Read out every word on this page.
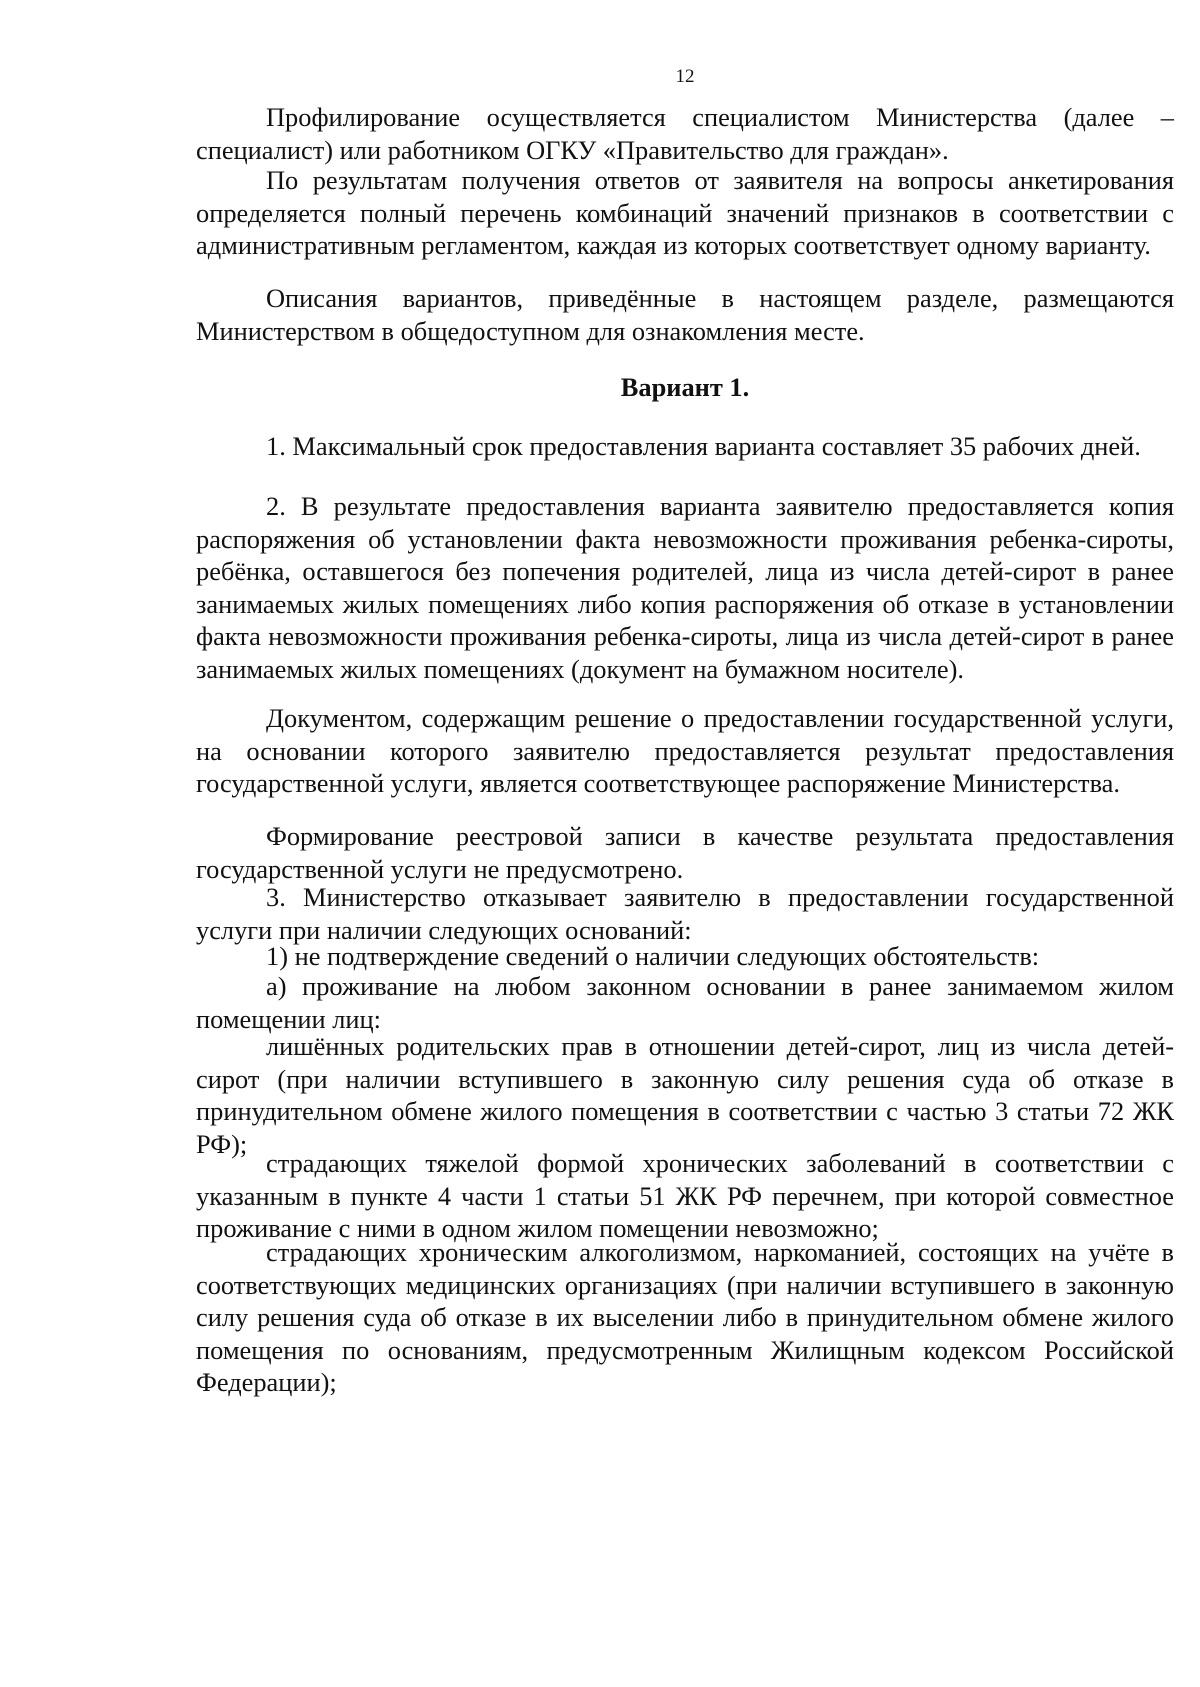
12

Профилирование осуществляется специалистом Министерства (далее – специалист) или работником ОГКУ «Правительство для граждан».

По результатам получения ответов от заявителя на вопросы анкетирования определяется полный перечень комбинаций значений признаков в соответствии с административным регламентом, каждая из которых соответствует одному варианту.

Описания вариантов, приведённые в настоящем разделе, размещаются Министерством в общедоступном для ознакомления месте.

Вариант 1.

1. Максимальный срок предоставления варианта составляет 35 рабочих дней.

2. В результате предоставления варианта заявителю предоставляется копия распоряжения об установлении факта невозможности проживания ребенка-сироты, ребёнка, оставшегося без попечения родителей, лица из числа детей-сирот в ранее занимаемых жилых помещениях либо копия распоряжения об отказе в установлении факта невозможности проживания ребенка-сироты, лица из числа детей-сирот в ранее занимаемых жилых помещениях (документ на бумажном носителе).

Документом, содержащим решение о предоставлении государственной услуги, на основании которого заявителю предоставляется результат предоставления государственной услуги, является соответствующее распоряжение Министерства.

Формирование реестровой записи в качестве результата предоставления государственной услуги не предусмотрено.

3. Министерство отказывает заявителю в предоставлении государственной услуги при наличии следующих оснований:

1) не подтверждение сведений о наличии следующих обстоятельств:

а) проживание на любом законном основании в ранее занимаемом жилом помещении лиц:

лишённых родительских прав в отношении детей-сирот, лиц из числа детей-сирот (при наличии вступившего в законную силу решения суда об отказе в принудительном обмене жилого помещения в соответствии с частью 3 статьи 72 ЖК РФ);

страдающих тяжелой формой хронических заболеваний в соответствии с указанным в пункте 4 части 1 статьи 51 ЖК РФ перечнем, при которой совместное проживание с ними в одном жилом помещении невозможно;

страдающих хроническим алкоголизмом, наркоманией, состоящих на учёте в соответствующих медицинских организациях (при наличии вступившего в законную силу решения суда об отказе в их выселении либо в принудительном обмене жилого помещения по основаниям, предусмотренным Жилищным кодексом Российской Федерации);
